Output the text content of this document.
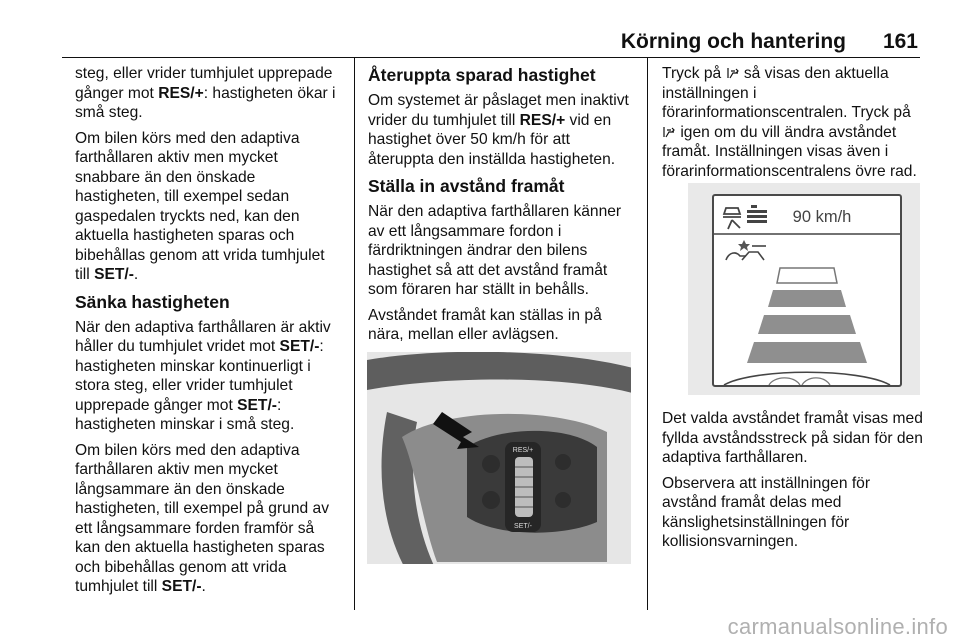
Körning och hantering 161

steg, eller vrider tumhjulet upprepade gånger mot RES/+: hastigheten ökar i små steg.

Om bilen körs med den adaptiva farthållaren aktiv men mycket snabbare än den önskade hastigheten, till exempel sedan gaspedalen tryckts ned, kan den aktuella hastigheten sparas och bibehållas genom att vrida tumhjulet till SET/-.

Sänka hastigheten

När den adaptiva farthållaren är aktiv håller du tumhjulet vridet mot SET/-: hastigheten minskar kontinuerligt i stora steg, eller vrider tumhjulet upprepade gånger mot SET/-: hastigheten minskar i små steg.

Om bilen körs med den adaptiva farthållaren aktiv men mycket långsammare än den önskade hastigheten, till exempel på grund av ett långsammare forden framför så kan den aktuella hastigheten sparas och bibehållas genom att vrida tumhjulet till SET/-.

Återuppta sparad hastighet

Om systemet är påslaget men inaktivt vrider du tumhjulet till RES/+ vid en hastighet över 50 km/h för att återuppta den inställda hastigheten.

Ställa in avstånd framåt

När den adaptiva farthållaren känner av ett långsammare fordon i färdriktningen ändrar den bilens hastighet så att det avstånd framåt som föraren har ställt in behålls.

Avståndet framåt kan ställas in på nära, mellan eller avlägsen.

RES/+
SET/-

Tryck på  så visas den aktuella inställningen i förarinformationscentralen. Tryck på  igen om du vill ändra avståndet framåt. Inställningen visas även i förarinformationscentralens övre rad.

90 km/h

Det valda avståndet framåt visas med fyllda avståndsstreck på sidan för den adaptiva farthållaren.

Observera att inställningen för avstånd framåt delas med känslighetsinställningen för kollisionsvarningen.

carmanualsonline.info
